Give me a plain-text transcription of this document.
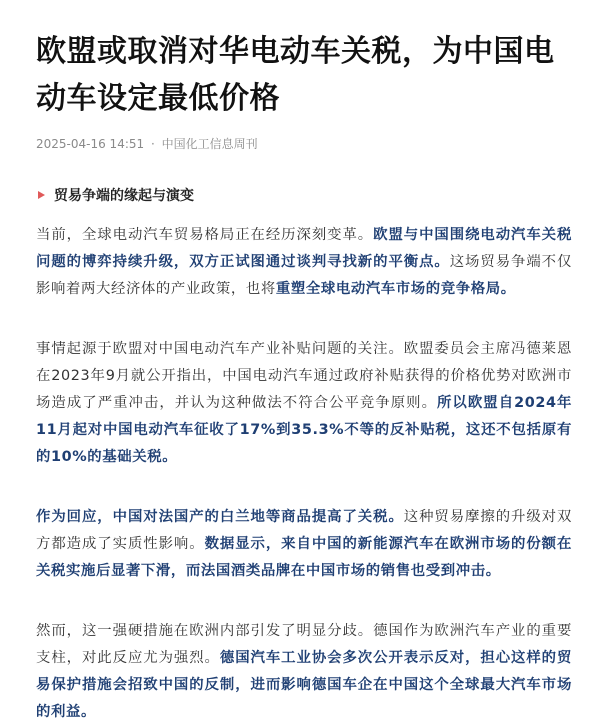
欧盟或取消对华电动车关税，为中国电动车设定最低价格
2025-04-16 14:51 · 中国化工信息周刊
贸易争端的缘起与演变

当前，全球电动汽车贸易格局正在经历深刻变革。欧盟与中国围绕电动汽车关税问题的博弈持续升级，双方正试图通过谈判寻找新的平衡点。这场贸易争端不仅影响着两大经济体的产业政策，也将重塑全球电动汽车市场的竞争格局。

事情起源于欧盟对中国电动汽车产业补贴问题的关注。欧盟委员会主席冯德莱恩在2023年9月就公开指出，中国电动汽车通过政府补贴获得的价格优势对欧洲市场造成了严重冲击，并认为这种做法不符合公平竞争原则。所以欧盟自2024年11月起对中国电动汽车征收了17%到35.3%不等的反补贴税，这还不包括原有的10%的基础关税。

作为回应，中国对法国产的白兰地等商品提高了关税。这种贸易摩擦的升级对双方都造成了实质性影响。数据显示，来自中国的新能源汽车在欧洲市场的份额在关税实施后显著下滑，而法国酒类品牌在中国市场的销售也受到冲击。

然而，这一强硬措施在欧洲内部引发了明显分歧。德国作为欧洲汽车产业的重要支柱，对此反应尤为强烈。德国汽车工业协会多次公开表示反对，担心这样的贸易保护措施会招致中国的反制，进而影响德国车企在中国这个全球最大汽车市场的利益。
